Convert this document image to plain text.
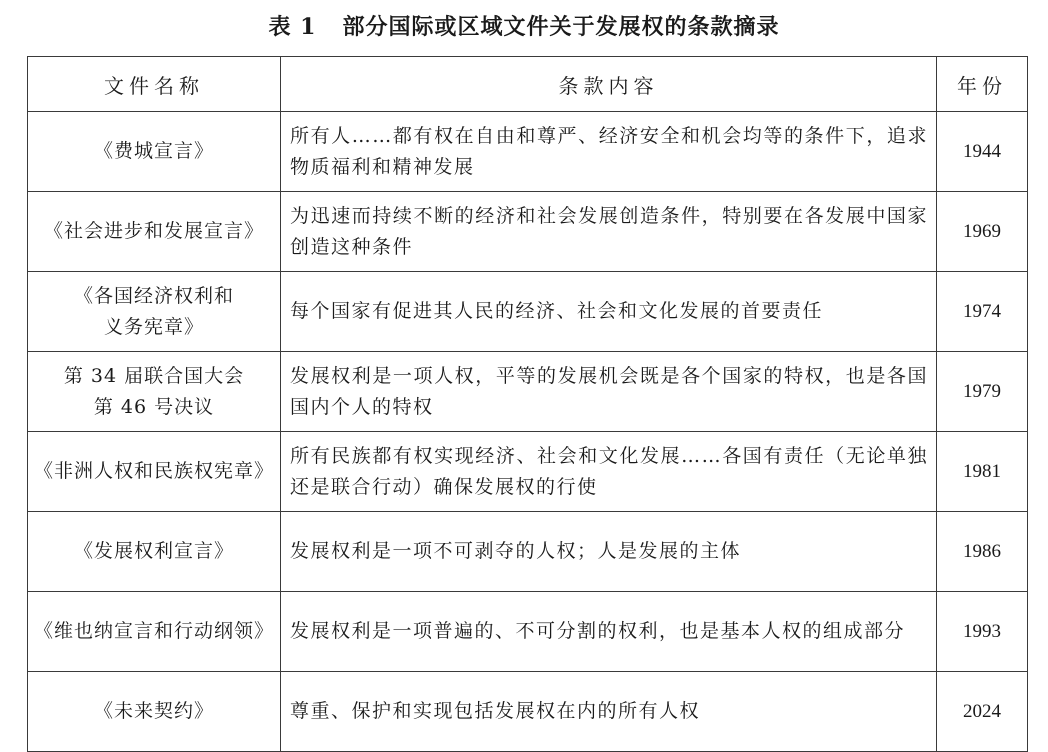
表 1 部分国际或区域文件关于发展权的条款摘录
文件名称	条款内容	年份
《费城宣言》	所有人……都有权在自由和尊严、经济安全和机会均等的条件下，追求物质福利和精神发展	1944
《社会进步和发展宣言》	为迅速而持续不断的经济和社会发展创造条件，特别要在各发展中国家创造这种条件	1969
《各国经济权利和
义务宪章》	每个国家有促进其人民的经济、社会和文化发展的首要责任	1974
第 34 届联合国大会
第 46 号决议	发展权利是一项人权，平等的发展机会既是各个国家的特权，也是各国国内个人的特权	1979
《非洲人权和民族权宪章》	所有民族都有权实现经济、社会和文化发展……各国有责任（无论单独还是联合行动）确保发展权的行使	1981
《发展权利宣言》	发展权利是一项不可剥夺的人权；人是发展的主体	1986
《维也纳宣言和行动纲领》	发展权利是一项普遍的、不可分割的权利，也是基本人权的组成部分	1993
《未来契约》	尊重、保护和实现包括发展权在内的所有人权	2024
